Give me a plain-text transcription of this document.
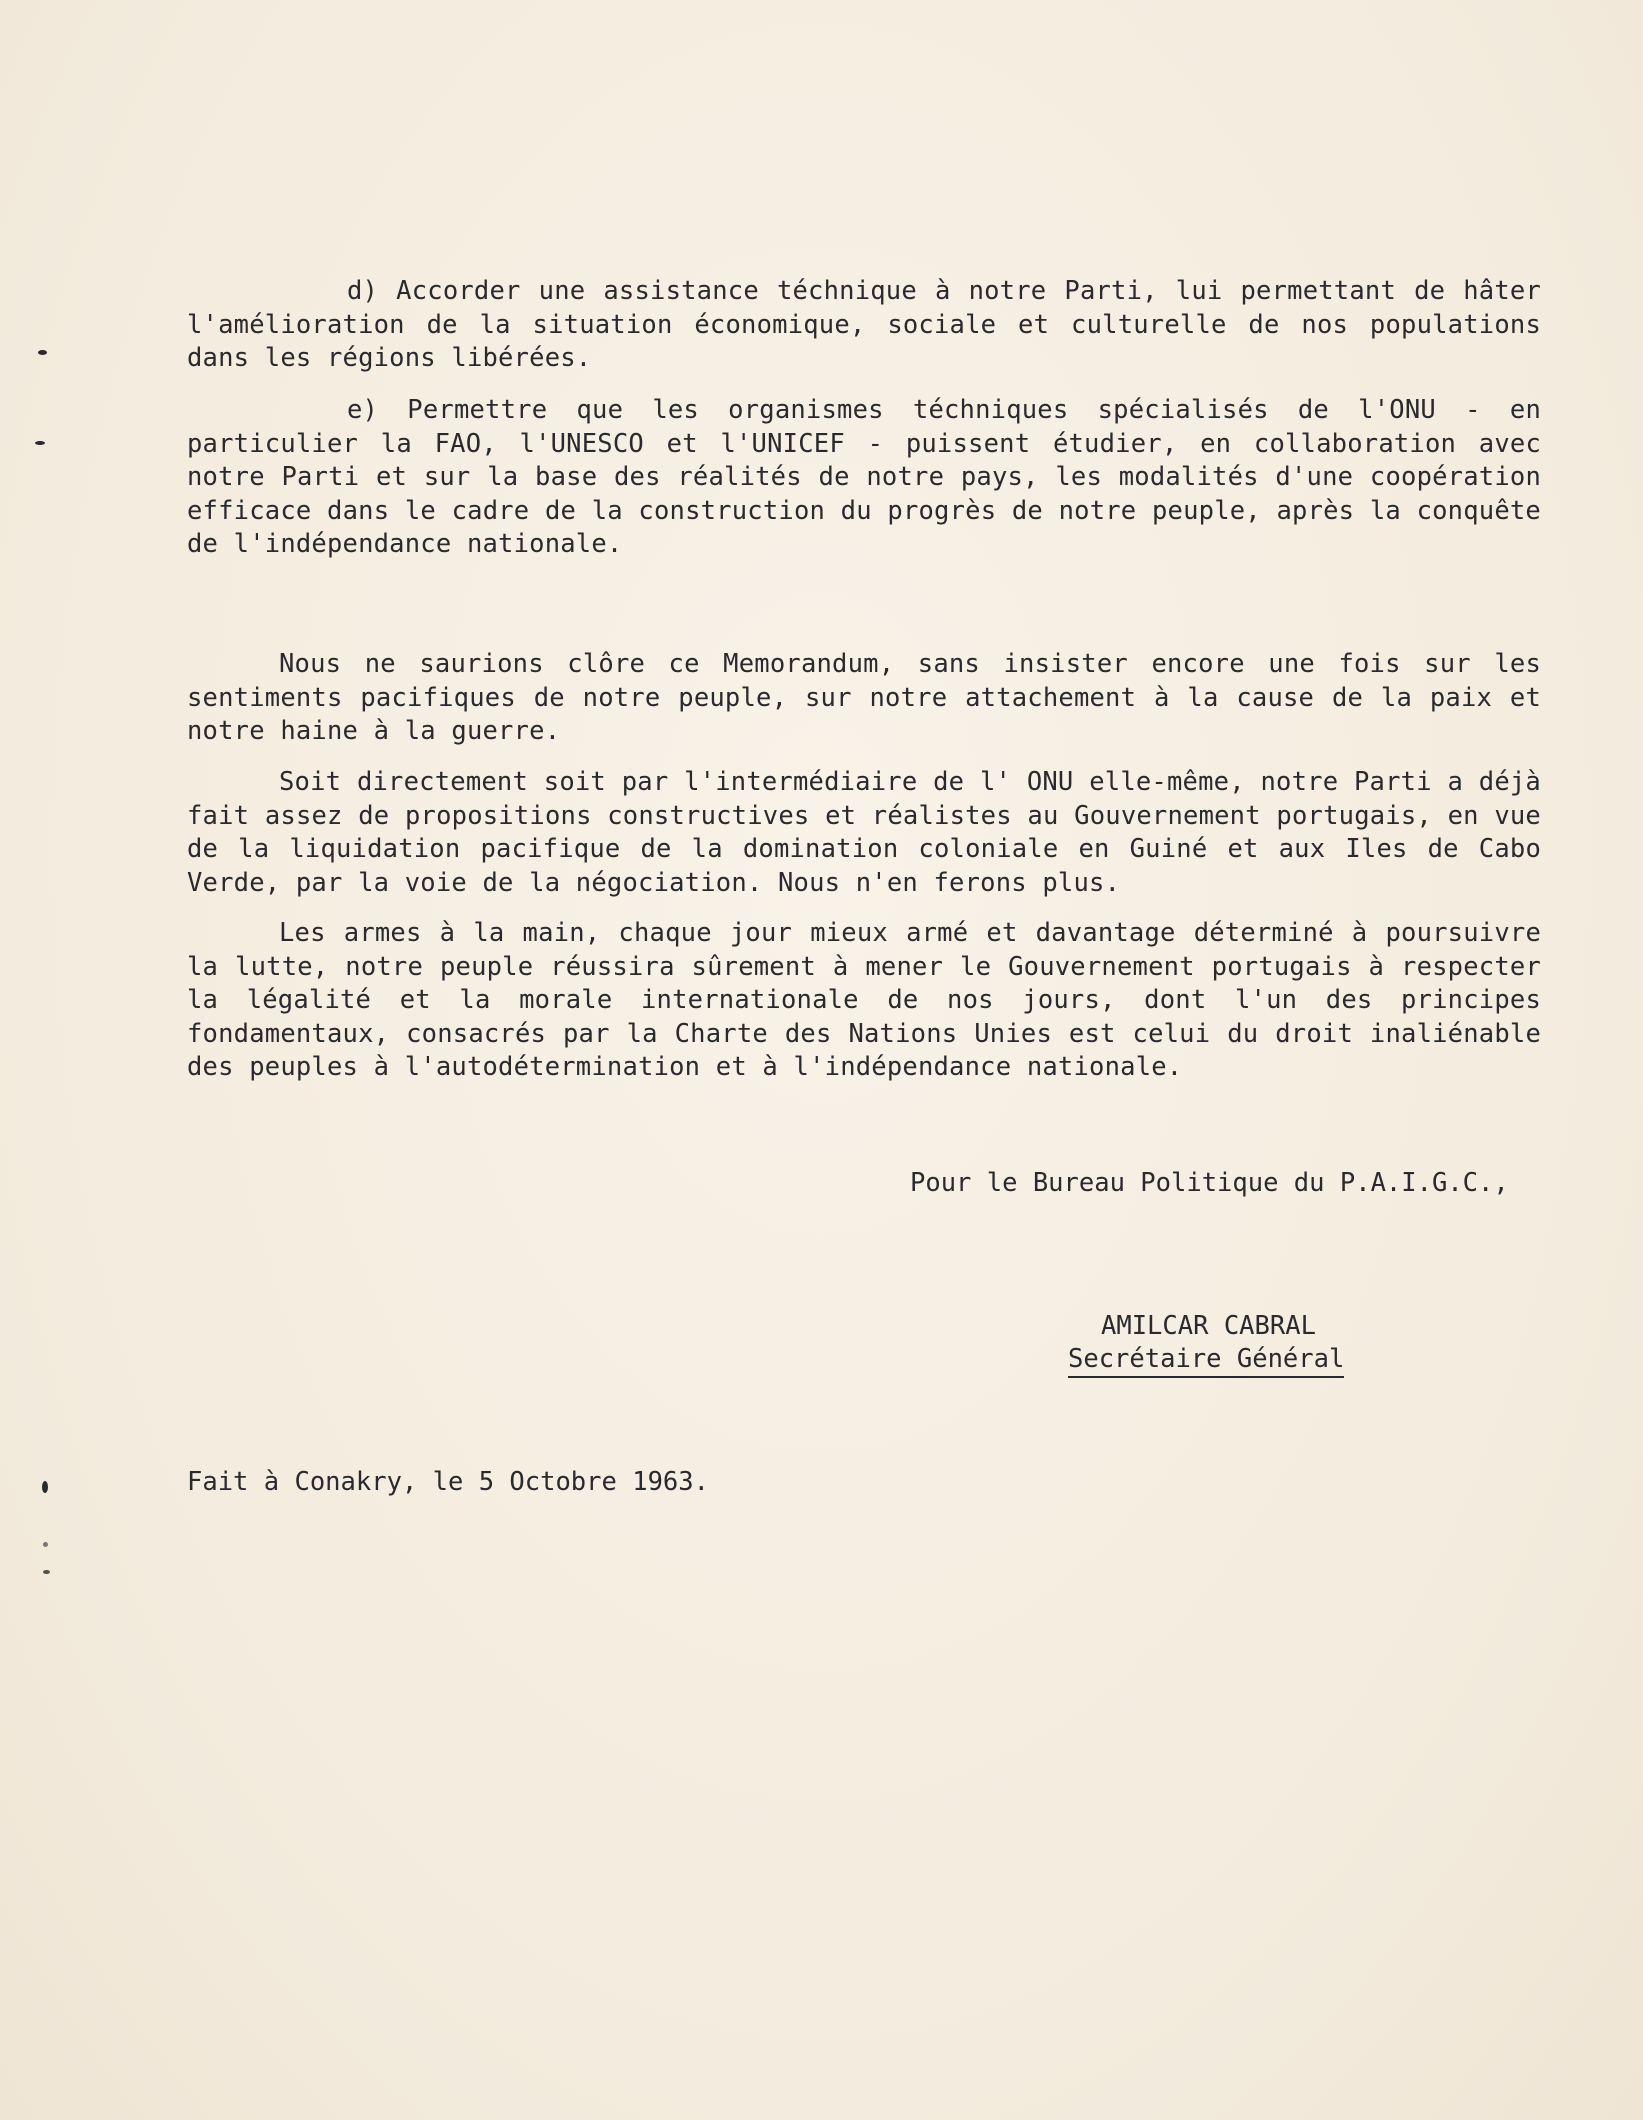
d) Accorder une assistance téchnique à notre Parti, lui permettant de hâter l'amélioration de la situation économique, sociale et culturelle de nos populations dans les régions libérées.

e) Permettre que les organismes téchniques spécialisés de l'ONU - en particulier la FAO, l'UNESCO et l'UNICEF - puissent étudier, en collaboration avec notre Parti et sur la base des réalités de notre pays, les modalités d'une coopération efficace dans le cadre de la construction du progrès de notre peuple, après la conquête de l'indépendance nationale.

Nous ne saurions clôre ce Memorandum, sans insister encore une fois sur les sentiments pacifiques de notre peuple, sur notre attachement à la cause de la paix et notre haine à la guerre.

Soit directement soit par l'intermédiaire de l' ONU elle-même, notre Parti a déjà fait assez de propositions constructives et réalistes au Gouvernement portugais, en vue de la liquidation pacifique de la domination coloniale en Guiné et aux Iles de Cabo Verde, par la voie de la négociation. Nous n'en ferons plus.

Les armes à la main, chaque jour mieux armé et davantage déterminé à poursuivre la lutte, notre peuple réussira sûrement à mener le Gouvernement portugais à respecter la légalité et la morale internationale de nos jours, dont l'un des principes fondamentaux, consacrés par la Charte des Nations Unies est celui du droit inaliénable des peuples à l'autodétermination et à l'indépendance nationale.

Pour le Bureau Politique du P.A.I.G.C.,

AMILCAR CABRAL

Secrétaire Général

Fait à Conakry, le 5 Octobre 1963.
